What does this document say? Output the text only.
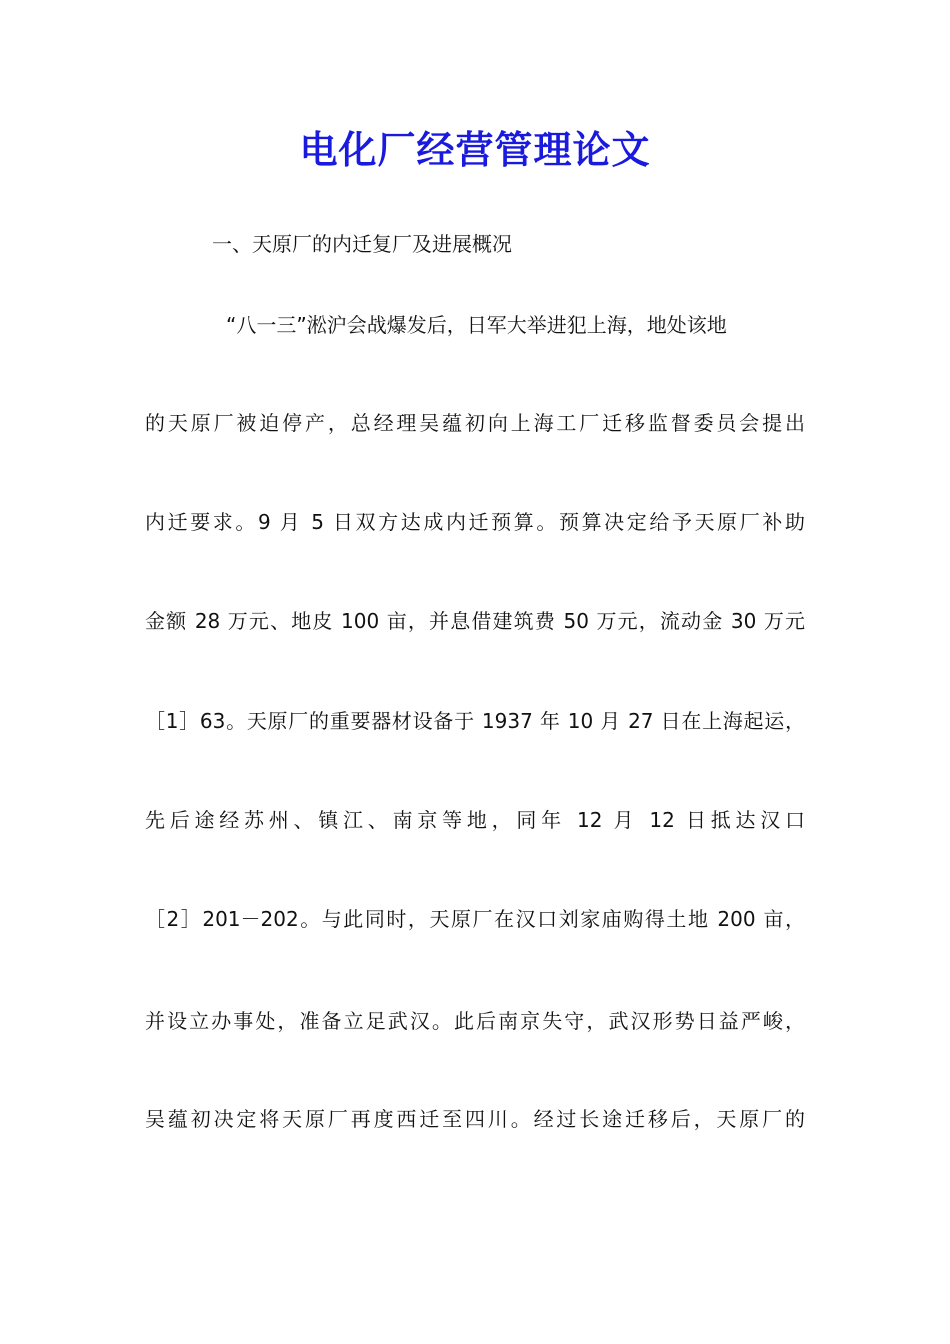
电化厂经营管理论文
一、天原厂的内迁复厂及进展概况
“八一三”淞沪会战爆发后，日军大举进犯上海，地处该地
的天原厂被迫停产，总经理吴蕴初向上海工厂迁移监督委员会提出
内迁要求。9 月 5 日双方达成内迁预算。预算决定给予天原厂补助
金额 28 万元、地皮 100 亩，并息借建筑费 50 万元，流动金 30 万元
［1］63。天原厂的重要器材设备于 1937 年 10 月 27 日在上海起运，
先后途经苏州、镇江、南京等地，同年 12 月 12 日抵达汉口
［2］201－202。与此同时，天原厂在汉口刘家庙购得土地 200 亩，
并设立办事处，准备立足武汉。此后南京失守，武汉形势日益严峻，
吴蕴初决定将天原厂再度西迁至四川。经过长途迁移后，天原厂的
